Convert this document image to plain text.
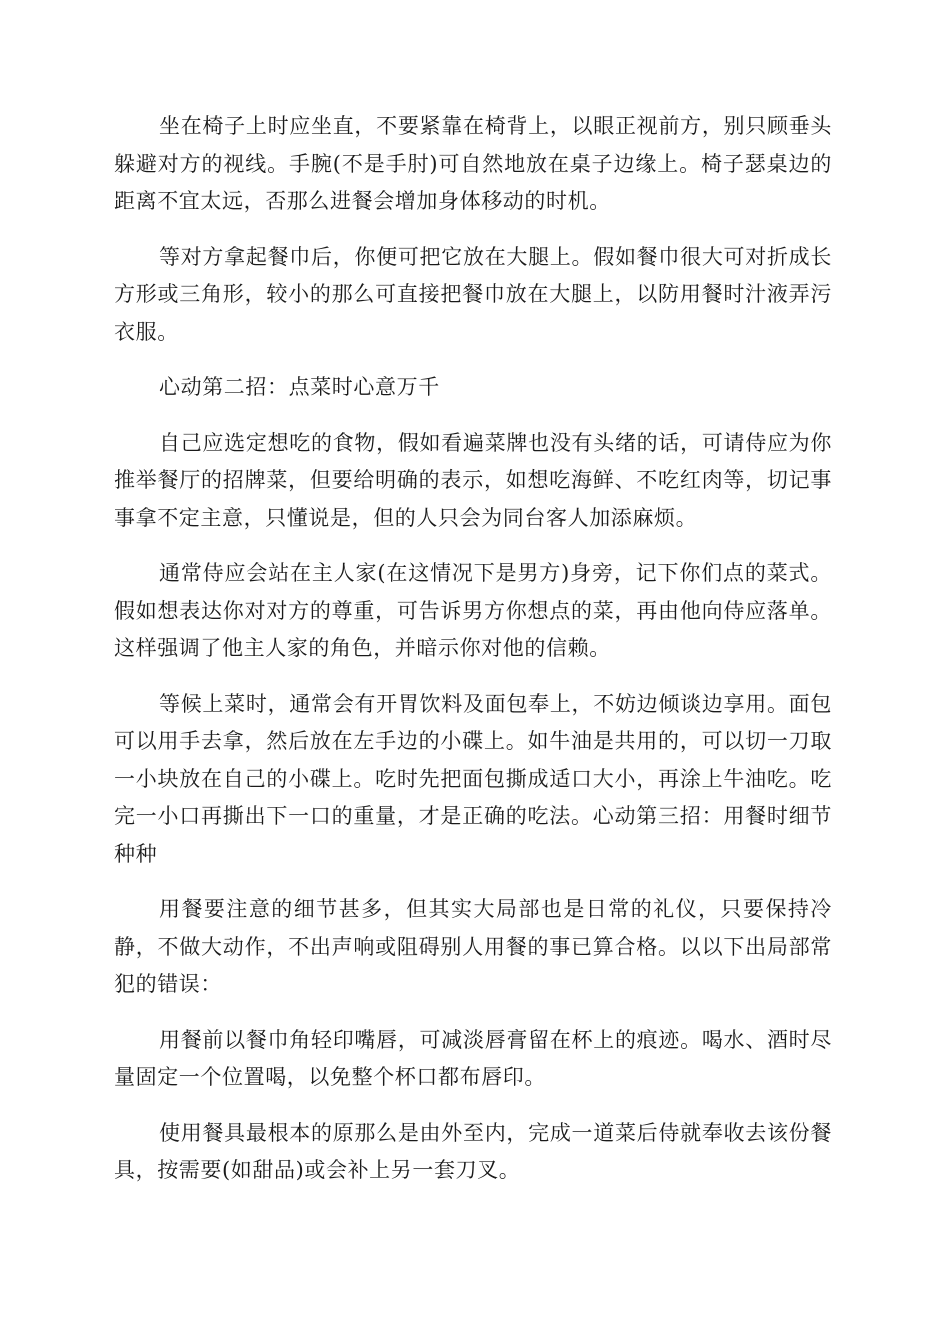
坐在椅子上时应坐直，不要紧靠在椅背上，以眼正视前方，别只顾垂头躲避对方的视线。手腕(不是手肘)可自然地放在桌子边缘上。椅子瑟桌边的距离不宜太远，否那么进餐会增加身体移动的时机。

等对方拿起餐巾后，你便可把它放在大腿上。假如餐巾很大可对折成长方形或三角形，较小的那么可直接把餐巾放在大腿上，以防用餐时汁液弄污衣服。

心动第二招：点菜时心意万千

自己应选定想吃的食物，假如看遍菜牌也没有头绪的话，可请侍应为你推举餐厅的招牌菜，但要给明确的表示，如想吃海鲜、不吃红肉等，切记事事拿不定主意，只懂说是，但的人只会为同台客人加添麻烦。

通常侍应会站在主人家(在这情况下是男方)身旁，记下你们点的菜式。假如想表达你对对方的尊重，可告诉男方你想点的菜，再由他向侍应落单。这样强调了他主人家的角色，并暗示你对他的信赖。

等候上菜时，通常会有开胃饮料及面包奉上，不妨边倾谈边享用。面包可以用手去拿，然后放在左手边的小碟上。如牛油是共用的，可以切一刀取一小块放在自己的小碟上。吃时先把面包撕成适口大小，再涂上牛油吃。吃完一小口再撕出下一口的重量，才是正确的吃法。心动第三招：用餐时细节种种

用餐要注意的细节甚多，但其实大局部也是日常的礼仪，只要保持冷静，不做大动作，不出声响或阻碍别人用餐的事已算合格。以以下出局部常犯的错误：

用餐前以餐巾角轻印嘴唇，可减淡唇膏留在杯上的痕迹。喝水、酒时尽量固定一个位置喝，以免整个杯口都布唇印。

使用餐具最根本的原那么是由外至内，完成一道菜后侍就奉收去该份餐具，按需要(如甜品)或会补上另一套刀叉。
